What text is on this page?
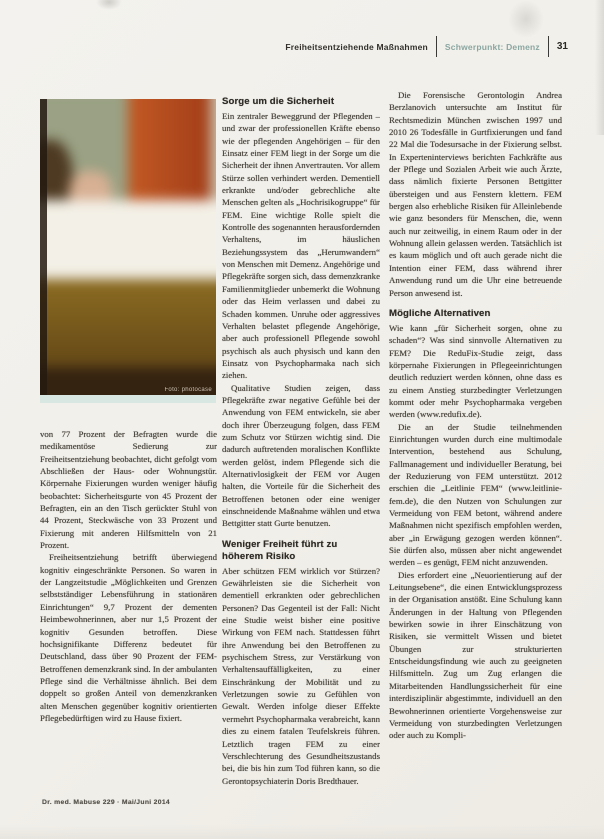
Freiheitsentziehende Maßnahmen Schwerpunkt: Demenz 31
Foto: photocase

von 77 Prozent der Befragten wurde die medikamentöse Sedierung zur Freiheitsentziehung beobachtet, dicht gefolgt vom Abschließen der Haus- oder Wohnungstür. Körpernahe Fixierungen wurden weniger häufig beobachtet: Sicherheitsgurte von 45 Prozent der Befragten, ein an den Tisch gerückter Stuhl von 44 Prozent, Steckwäsche von 33 Prozent und Fixierung mit anderen Hilfsmitteln von 21 Prozent.

Freiheitsentziehung betrifft überwiegend kognitiv eingeschränkte Personen. So waren in der Langzeitstudie „Möglichkeiten und Grenzen selbstständiger Lebensführung in stationären Einrichtungen“ 9,7 Prozent der dementen Heimbewohnerinnen, aber nur 1,5 Prozent der kognitiv Gesunden betroffen. Diese hochsignifikante Differenz bedeutet für Deutschland, dass über 90 Prozent der FEM-Betroffenen demenzkrank sind. In der ambulanten Pflege sind die Verhältnisse ähnlich. Bei dem doppelt so großen Anteil von demenzkranken alten Menschen gegenüber kognitiv orientierten Pflegebedürftigen wird zu Hause fixiert.

Sorge um die Sicherheit

Ein zentraler Beweggrund der Pflegenden – und zwar der professionellen Kräfte ebenso wie der pflegenden Angehörigen – für den Einsatz einer FEM liegt in der Sorge um die Sicherheit der ihnen Anvertrauten. Vor allem Stürze sollen verhindert werden. Dementiell erkrankte und/oder gebrechliche alte Menschen gelten als „Hochrisikogruppe“ für FEM. Eine wichtige Rolle spielt die Kontrolle des sogenannten herausfordernden Verhaltens, im häuslichen Beziehungssystem das „Herumwandern“ von Menschen mit Demenz. Angehörige und Pflegekräfte sorgen sich, dass demenzkranke Familienmitglieder unbemerkt die Wohnung oder das Heim verlassen und dabei zu Schaden kommen. Unruhe oder aggressives Verhalten belastet pflegende Angehörige, aber auch professionell Pflegende sowohl psychisch als auch physisch und kann den Einsatz von Psychopharmaka nach sich ziehen.

Qualitative Studien zeigen, dass Pflegekräfte zwar negative Gefühle bei der Anwendung von FEM entwickeln, sie aber doch ihrer Überzeugung folgen, dass FEM zum Schutz vor Stürzen wichtig sind. Die dadurch auftretenden moralischen Konflikte werden gelöst, indem Pflegende sich die Alternativlosigkeit der FEM vor Augen halten, die Vorteile für die Sicherheit des Betroffenen betonen oder eine weniger einschneidende Maßnahme wählen und etwa Bettgitter statt Gurte benutzen.

Weniger Freiheit führt zu höherem Risiko

Aber schützen FEM wirklich vor Stürzen? Gewährleisten sie die Sicherheit von dementiell erkrankten oder gebrechlichen Personen? Das Gegenteil ist der Fall: Nicht eine Studie weist bisher eine positive Wirkung von FEM nach. Stattdessen führt ihre Anwendung bei den Betroffenen zu psychischem Stress, zur Verstärkung von Verhaltensauffälligkeiten, zu einer Einschränkung der Mobilität und zu Verletzungen sowie zu Gefühlen von Gewalt. Werden infolge dieser Effekte vermehrt Psychopharmaka verabreicht, kann dies zu einem fatalen Teufelskreis führen. Letztlich tragen FEM zu einer Verschlechterung des Gesundheitszustands bei, die bis hin zum Tod führen kann, so die Gerontopsychiaterin Doris Bredthauer.

Die Forensische Gerontologin Andrea Berzlanovich untersuchte am Institut für Rechtsmedizin München zwischen 1997 und 2010 26 Todesfälle in Gurtfixierungen und fand 22 Mal die Todesursache in der Fixierung selbst. In Experteninterviews berichten Fachkräfte aus der Pflege und Sozialen Arbeit wie auch Ärzte, dass nämlich fixierte Personen Bettgitter übersteigen und aus Fenstern klettern. FEM bergen also erhebliche Risiken für Alleinlebende wie ganz besonders für Menschen, die, wenn auch nur zeitweilig, in einem Raum oder in der Wohnung allein gelassen werden. Tatsächlich ist es kaum möglich und oft auch gerade nicht die Intention einer FEM, dass während ihrer Anwendung rund um die Uhr eine betreuende Person anwesend ist.

Mögliche Alternativen

Wie kann „für Sicherheit sorgen, ohne zu schaden“? Was sind sinnvolle Alternativen zu FEM? Die ReduFix-Studie zeigt, dass körpernahe Fixierungen in Pflegeeinrichtungen deutlich reduziert werden können, ohne dass es zu einem Anstieg sturzbedingter Verletzungen kommt oder mehr Psychopharmaka vergeben werden (www.redufix.de).

Die an der Studie teilnehmenden Einrichtungen wurden durch eine multimodale Intervention, bestehend aus Schulung, Fallmanagement und individueller Beratung, bei der Reduzierung von FEM unterstützt. 2012 erschien die „Leitlinie FEM“ (www.leitlinie-fem.de), die den Nutzen von Schulungen zur Vermeidung von FEM betont, während andere Maßnahmen nicht spezifisch empfohlen werden, aber „in Erwägung gezogen werden können“. Sie dürfen also, müssen aber nicht angewendet werden – es genügt, FEM nicht anzuwenden.

Dies erfordert eine „Neuorientierung auf der Leitungsebene“, die einen Entwicklungsprozess in der Organisation anstößt. Eine Schulung kann Änderungen in der Haltung von Pflegenden bewirken sowie in ihrer Einschätzung von Risiken, sie vermittelt Wissen und bietet Übungen zur strukturierten Entscheidungsfindung wie auch zu geeigneten Hilfsmitteln. Zug um Zug erlangen die Mitarbeitenden Handlungssicherheit für eine interdisziplinär abgestimmte, individuell an den Bewohnerinnen orientierte Vorgehensweise zur Vermeidung von sturzbedingten Verletzungen oder auch zu Kompli-

Dr. med. Mabuse 229 · Mai/Juni 2014
